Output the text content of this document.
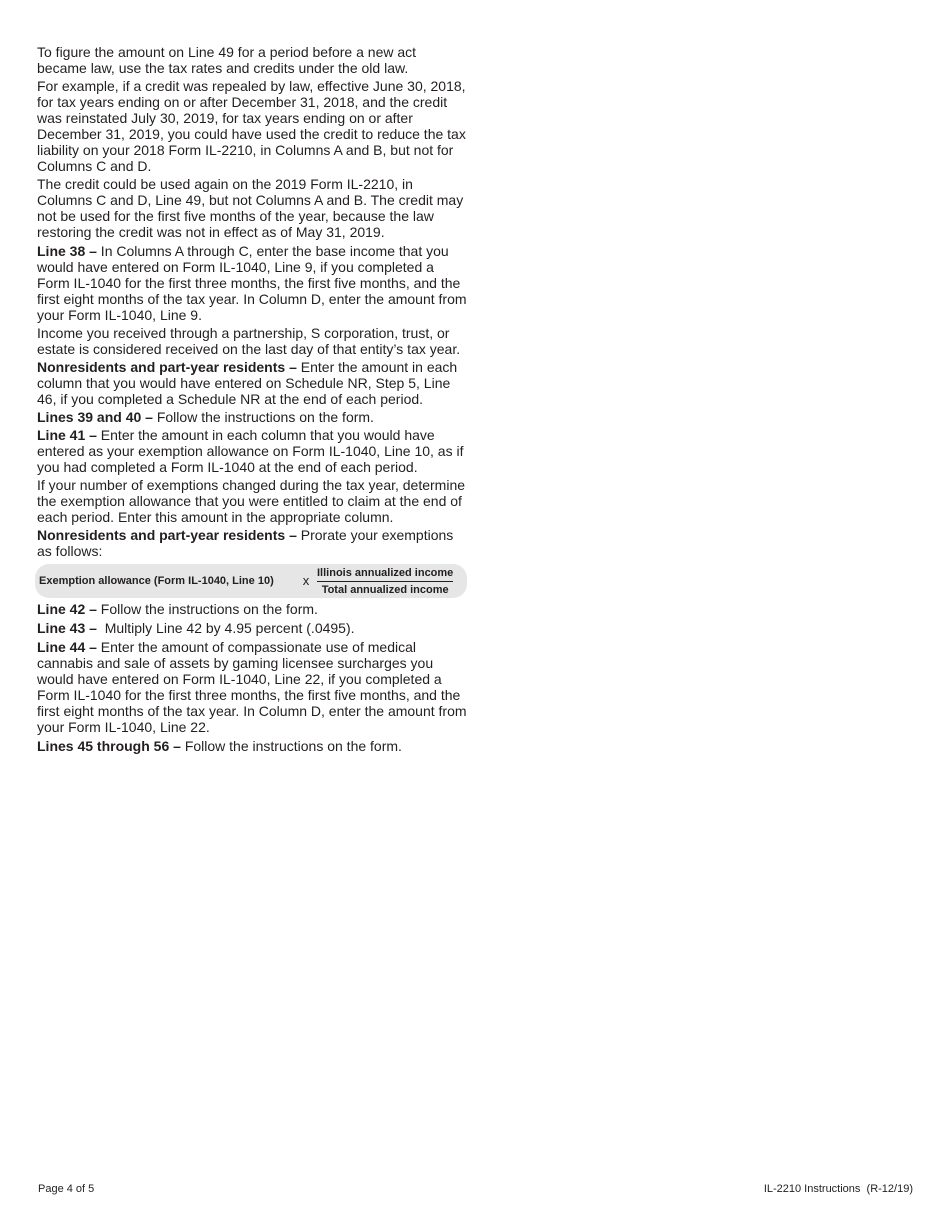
To figure the amount on Line 49 for a period before a new act became law, use the tax rates and credits under the old law.

For example, if a credit was repealed by law, effective June 30, 2018, for tax years ending on or after December 31, 2018, and the credit was reinstated July 30, 2019, for tax years ending on or after December 31, 2019, you could have used the credit to reduce the tax liability on your 2018 Form IL-2210, in Columns A and B, but not for Columns C and D.

The credit could be used again on the 2019 Form IL-2210, in Columns C and D, Line 49, but not Columns A and B. The credit may not be used for the first five months of the year, because the law restoring the credit was not in effect as of May 31, 2019.

Line 38 – In Columns A through C, enter the base income that you would have entered on Form IL-1040, Line 9, if you completed a Form IL-1040 for the first three months, the first five months, and the first eight months of the tax year. In Column D, enter the amount from your Form IL-1040, Line 9.

Income you received through a partnership, S corporation, trust, or estate is considered received on the last day of that entity’s tax year.

Nonresidents and part-year residents – Enter the amount in each column that you would have entered on Schedule NR, Step 5, Line 46, if you completed a Schedule NR at the end of each period.

Lines 39 and 40 – Follow the instructions on the form.

Line 41 – Enter the amount in each column that you would have entered as your exemption allowance on Form IL-1040, Line 10, as if you had completed a Form IL-1040 at the end of each period.

If your number of exemptions changed during the tax year, determine the exemption allowance that you were entitled to claim at the end of each period. Enter this amount in the appropriate column.

Nonresidents and part-year residents – Prorate your exemptions as follows:

Exemption allowance (Form IL-1040, Line 10)	x $\frac{\text{Illinois annualized income}}{\text{Total annualized income}}$

Line 42 – Follow the instructions on the form.

Line 43 –  Multiply Line 42 by 4.95 percent (.0495).

Line 44 – Enter the amount of compassionate use of medical cannabis and sale of assets by gaming licensee surcharges you would have entered on Form IL-1040, Line 22, if you completed a Form IL-1040 for the first three months, the first five months, and the first eight months of the tax year. In Column D, enter the amount from your Form IL-1040, Line 22.

Lines 45 through 56 – Follow the instructions on the form.

Page 4 of 5	IL-2210 Instructions  (R-12/19)
